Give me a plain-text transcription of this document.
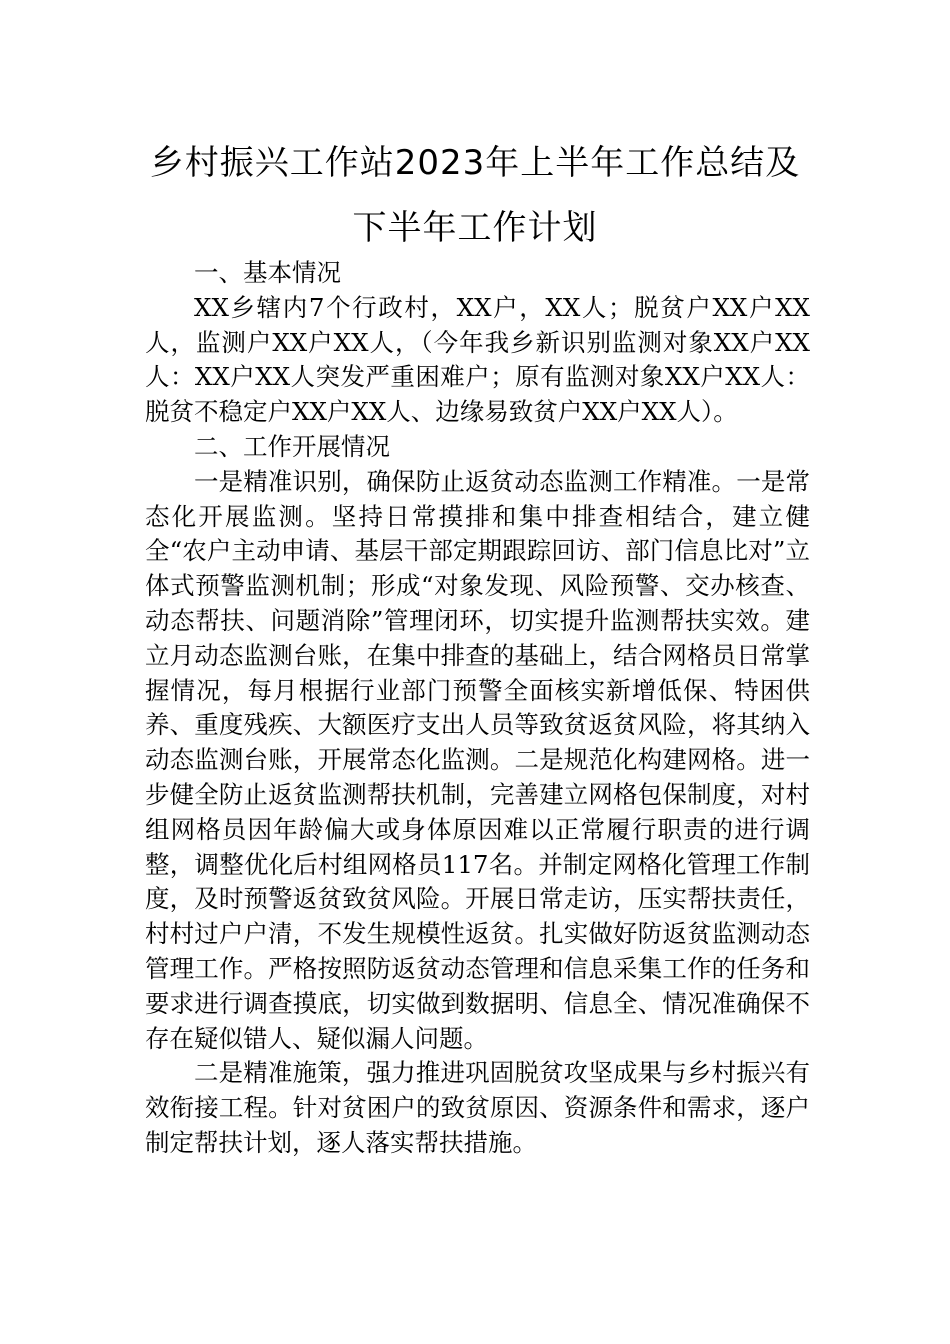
乡村振兴工作站2023年上半年工作总结及
下半年工作计划

一、基本情况

XX乡辖内7个行政村，XX户，XX人；脱贫户XX户XX人，监测户XX户XX人，（今年我乡新识别监测对象XX户XX人：XX户XX人突发严重困难户；原有监测对象XX户XX人：脱贫不稳定户XX户XX人、边缘易致贫户XX户XX人）。

二、工作开展情况

一是精准识别，确保防止返贫动态监测工作精准。一是常态化开展监测。坚持日常摸排和集中排查相结合，建立健全“农户主动申请、基层干部定期跟踪回访、部门信息比对”立体式预警监测机制；形成“对象发现、风险预警、交办核查、动态帮扶、问题消除”管理闭环，切实提升监测帮扶实效。建立月动态监测台账，在集中排查的基础上，结合网格员日常掌握情况，每月根据行业部门预警全面核实新增低保、特困供养、重度残疾、大额医疗支出人员等致贫返贫风险，将其纳入动态监测台账，开展常态化监测。二是规范化构建网格。进一步健全防止返贫监测帮扶机制，完善建立网格包保制度，对村组网格员因年龄偏大或身体原因难以正常履行职责的进行调整，调整优化后村组网格员117名。并制定网格化管理工作制度，及时预警返贫致贫风险。开展日常走访，压实帮扶责任，村村过户户清，不发生规模性返贫。扎实做好防返贫监测动态管理工作。严格按照防返贫动态管理和信息采集工作的任务和要求进行调查摸底，切实做到数据明、信息全、情况准确保不存在疑似错人、疑似漏人问题。

二是精准施策，强力推进巩固脱贫攻坚成果与乡村振兴有效衔接工程。针对贫困户的致贫原因、资源条件和需求，逐户制定帮扶计划，逐人落实帮扶措施。
